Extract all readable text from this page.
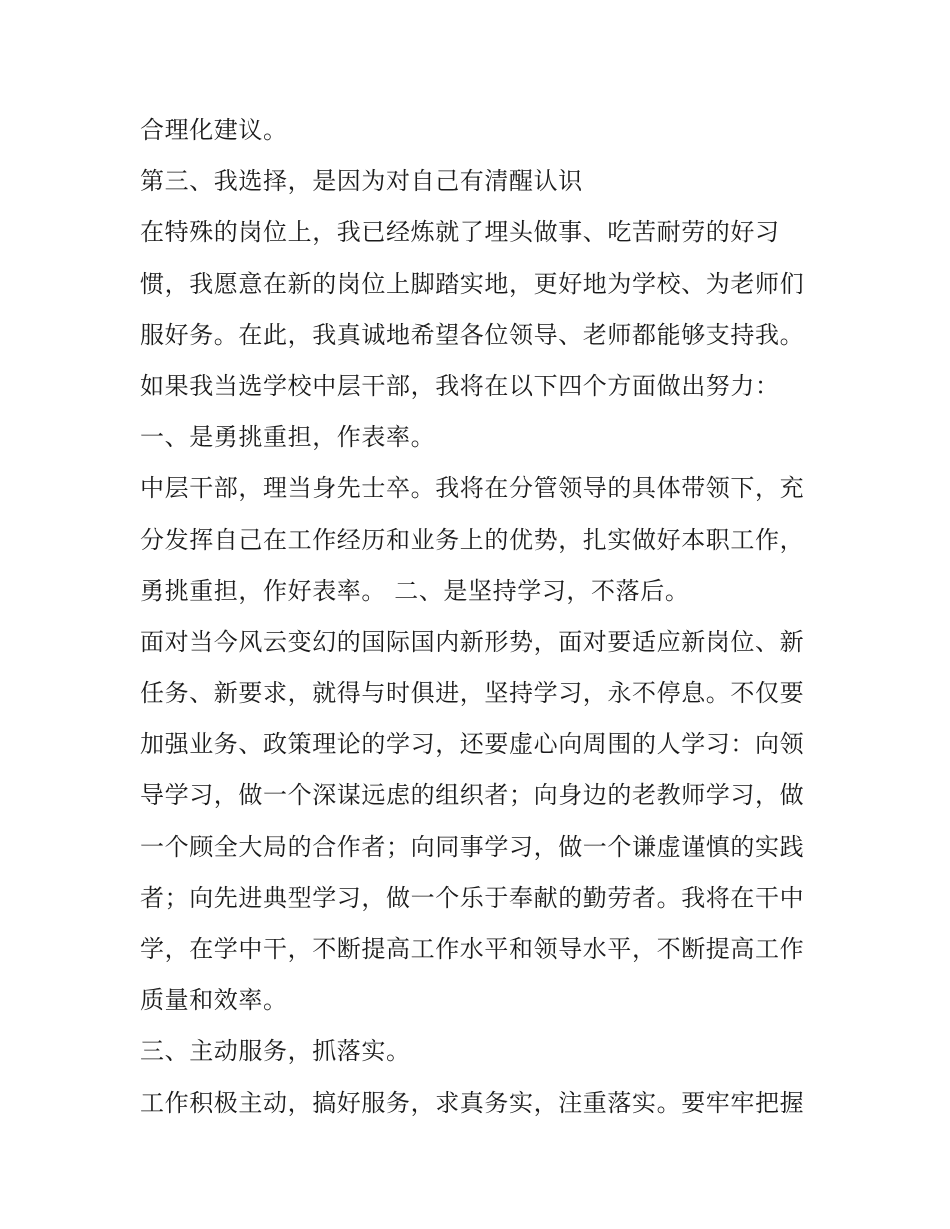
合理化建议。
第三、我选择，是因为对自己有清醒认识
在特殊的岗位上，我已经炼就了埋头做事、吃苦耐劳的好习
惯，我愿意在新的岗位上脚踏实地，更好地为学校、为老师们
服好务。在此，我真诚地希望各位领导、老师都能够支持我。
如果我当选学校中层干部，我将在以下四个方面做出努力：
一、是勇挑重担，作表率。
中层干部，理当身先士卒。我将在分管领导的具体带领下，充
分发挥自己在工作经历和业务上的优势，扎实做好本职工作，
勇挑重担，作好表率。 二、是坚持学习，不落后。
面对当今风云变幻的国际国内新形势，面对要适应新岗位、新
任务、新要求，就得与时俱进，坚持学习，永不停息。不仅要
加强业务、政策理论的学习，还要虚心向周围的人学习：向领
导学习，做一个深谋远虑的组织者；向身边的老教师学习，做
一个顾全大局的合作者；向同事学习，做一个谦虚谨慎的实践
者；向先进典型学习，做一个乐于奉献的勤劳者。我将在干中
学，在学中干，不断提高工作水平和领导水平，不断提高工作
质量和效率。
三、主动服务，抓落实。
工作积极主动，搞好服务，求真务实，注重落实。要牢牢把握
